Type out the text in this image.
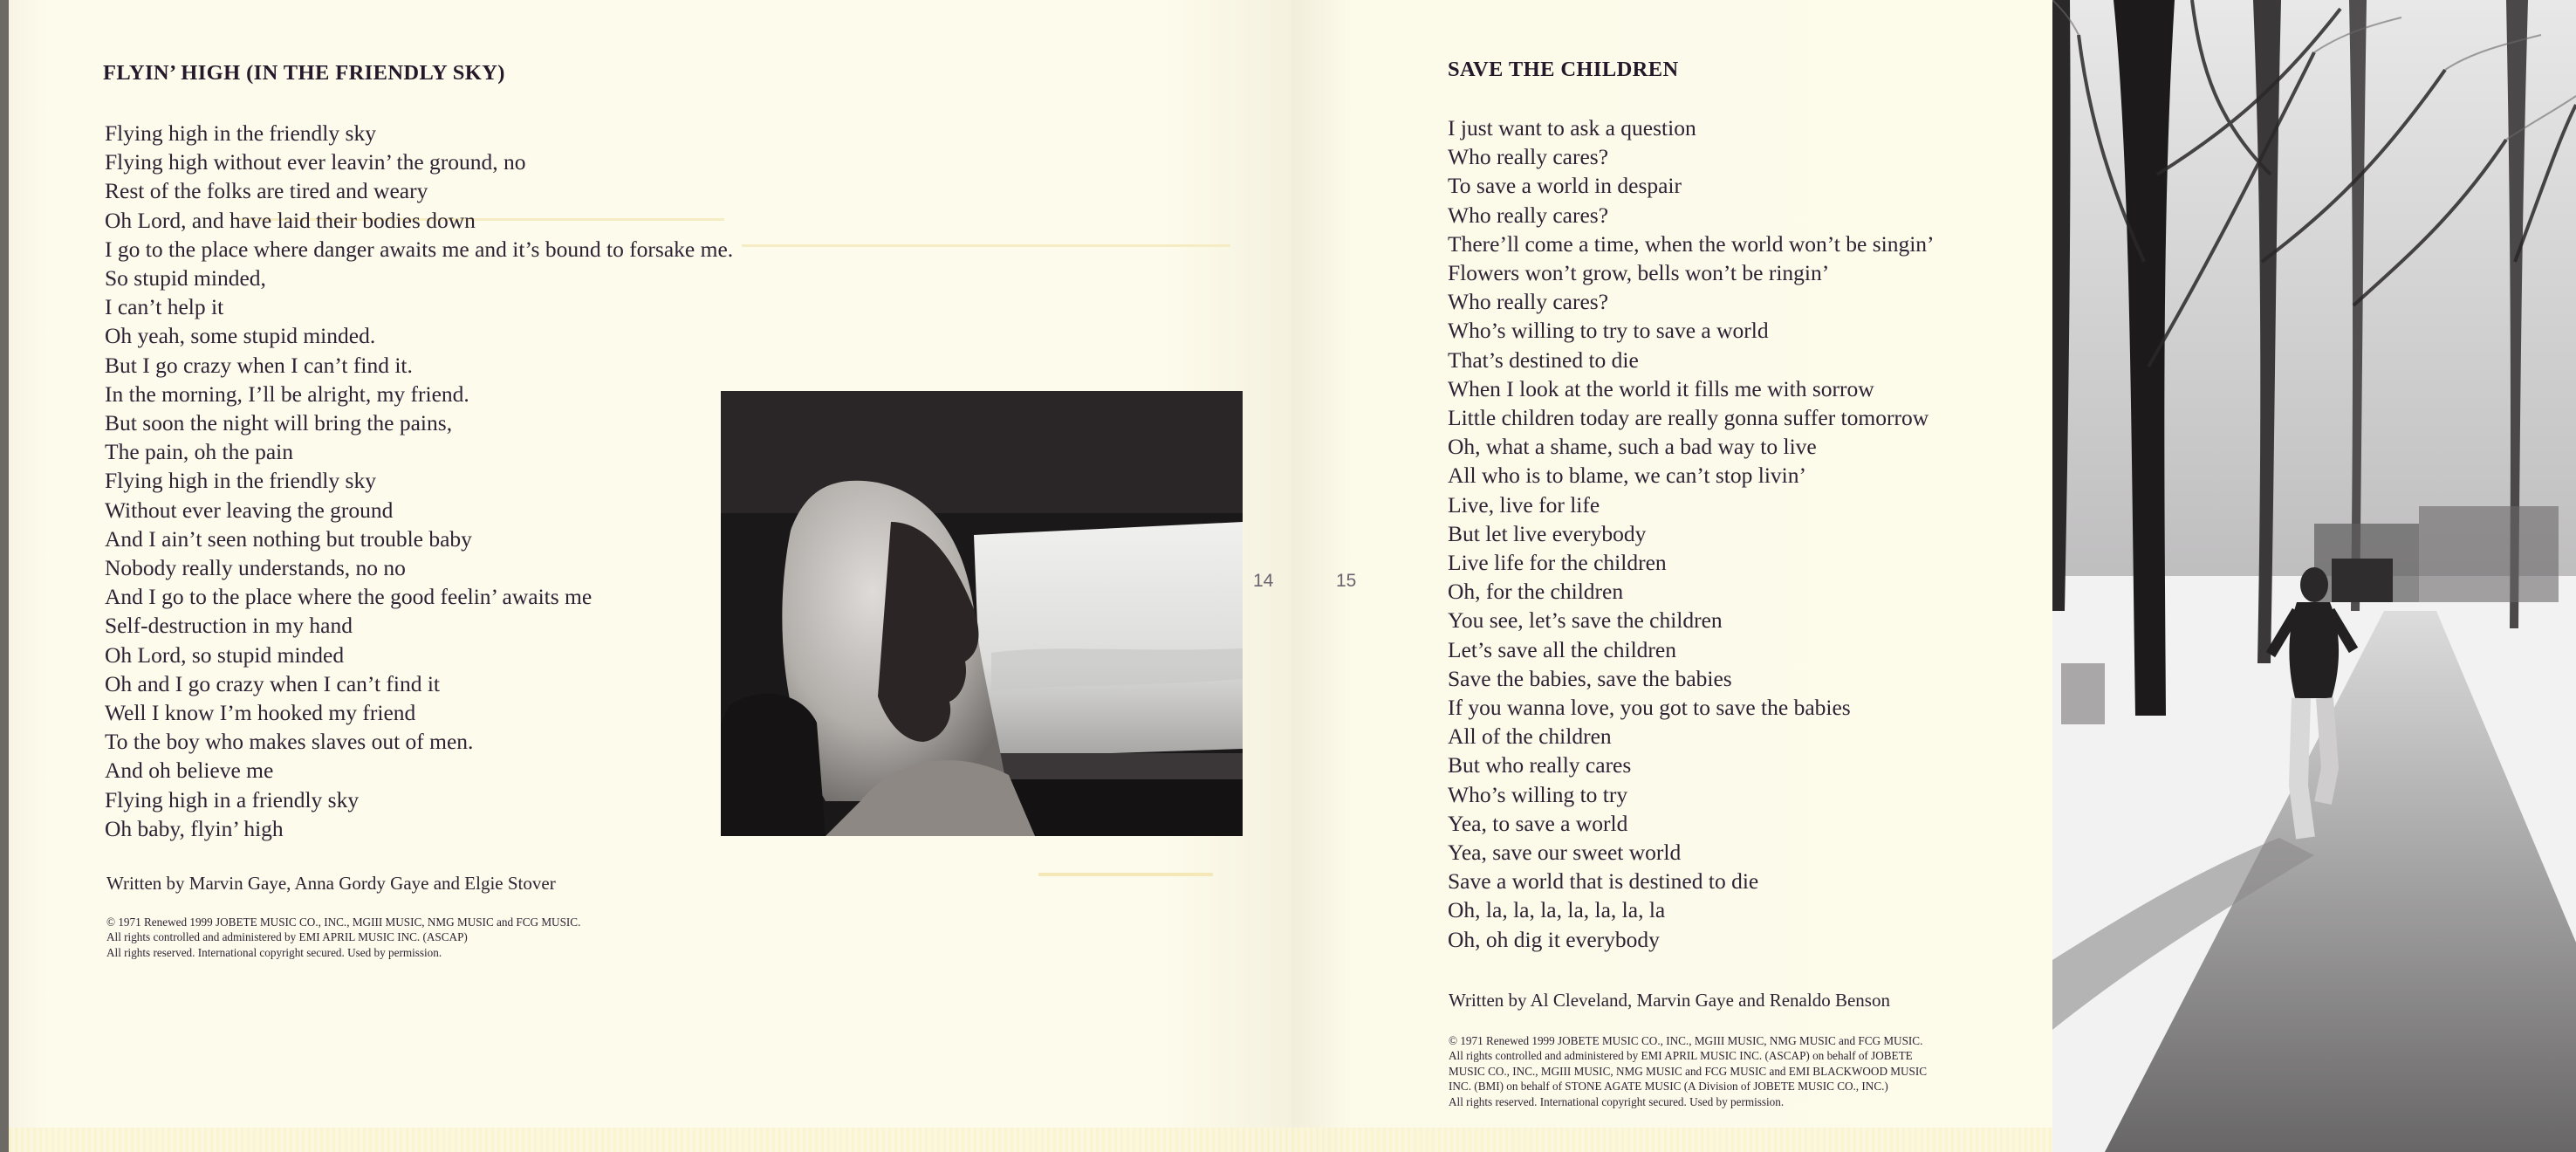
FLYIN’ HIGH (IN THE FRIENDLY SKY)
Flying high in the friendly sky
Flying high without ever leavin’ the ground, no
Rest of the folks are tired and weary
Oh Lord, and have laid their bodies down
I go to the place where danger awaits me and it’s bound to forsake me.
So stupid minded,
I can’t help it
Oh yeah, some stupid minded.
But I go crazy when I can’t find it.
In the morning, I’ll be alright, my friend.
But soon the night will bring the pains,
The pain, oh the pain
Flying high in the friendly sky
Without ever leaving the ground
And I ain’t seen nothing but trouble baby
Nobody really understands, no no
And I go to the place where the good feelin’ awaits me
Self-destruction in my hand
Oh Lord, so stupid minded
Oh and I go crazy when I can’t find it
Well I know I’m hooked my friend
To the boy who makes slaves out of men.
And oh believe me
Flying high in a friendly sky
Oh baby, flyin’ high

Written by Marvin Gaye, Anna Gordy Gaye and Elgie Stover

© 1971 Renewed 1999 JOBETE MUSIC CO., INC., MGIII MUSIC, NMG MUSIC and FCG MUSIC.
All rights controlled and administered by EMI APRIL MUSIC INC. (ASCAP)
All rights reserved. International copyright secured. Used by permission.
14	15
SAVE THE CHILDREN
I just want to ask a question
Who really cares?
To save a world in despair
Who really cares?
There’ll come a time, when the world won’t be singin’
Flowers won’t grow, bells won’t be ringin’
Who really cares?
Who’s willing to try to save a world
That’s destined to die
When I look at the world it fills me with sorrow
Little children today are really gonna suffer tomorrow
Oh, what a shame, such a bad way to live
All who is to blame, we can’t stop livin’
Live, live for life
But let live everybody
Live life for the children
Oh, for the children
You see, let’s save the children
Let’s save all the children
Save the babies, save the babies
If you wanna love, you got to save the babies
All of the children
But who really cares
Who’s willing to try
Yea, to save a world
Yea, save our sweet world
Save a world that is destined to die
Oh, la, la, la, la, la, la, la
Oh, oh dig it everybody

Written by Al Cleveland, Marvin Gaye and Renaldo Benson

© 1971 Renewed 1999 JOBETE MUSIC CO., INC., MGIII MUSIC, NMG MUSIC and FCG MUSIC.
All rights controlled and administered by EMI APRIL MUSIC INC. (ASCAP) on behalf of JOBETE
MUSIC CO., INC., MGIII MUSIC, NMG MUSIC and FCG MUSIC and EMI BLACKWOOD MUSIC
INC. (BMI) on behalf of STONE AGATE MUSIC (A Division of JOBETE MUSIC CO., INC.)
All rights reserved. International copyright secured. Used by permission.
